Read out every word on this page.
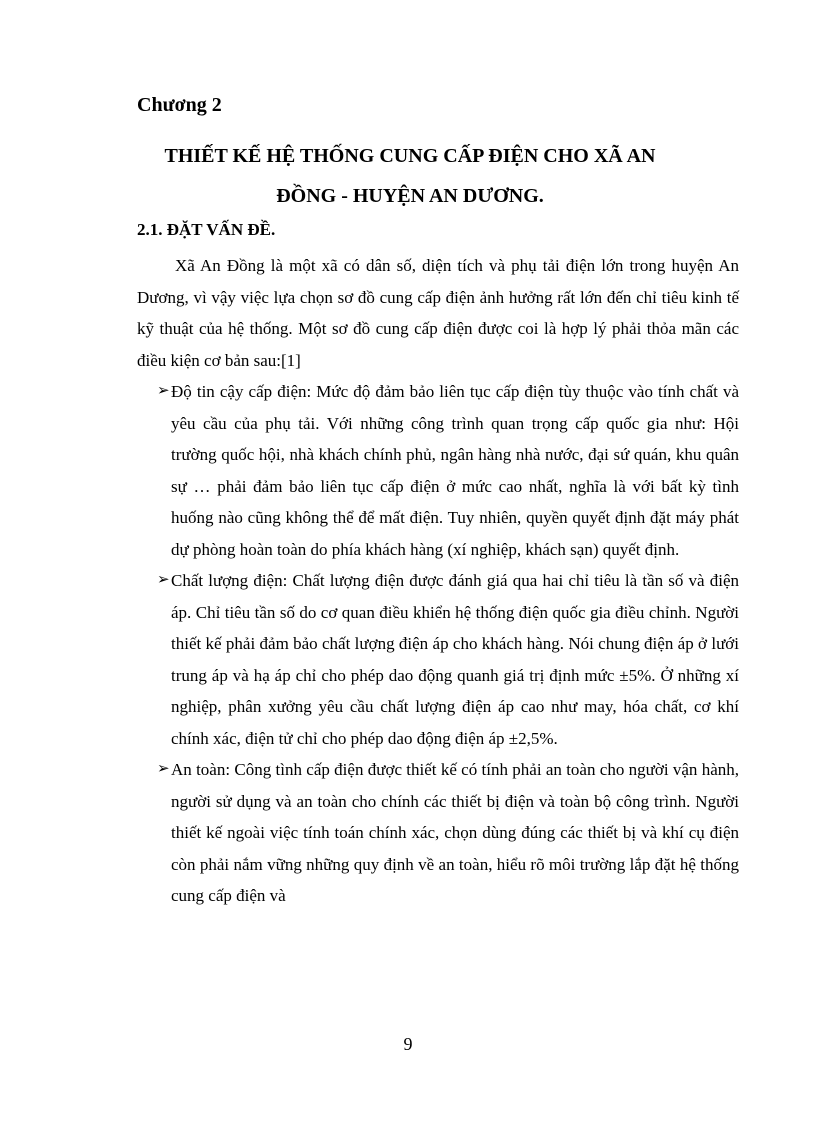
Chương 2

THIẾT KẾ HỆ THỐNG CUNG CẤP ĐIỆN CHO XÃ AN
ĐỒNG - HUYỆN AN DƯƠNG.
2.1. ĐẶT VẤN ĐỀ.

Xã An Đồng là một xã có dân số, diện tích và phụ tải điện lớn trong huyện An Dương, vì vậy việc lựa chọn sơ đồ cung cấp điện ảnh hưởng rất lớn đến chỉ tiêu kinh tế kỹ thuật của hệ thống. Một sơ đồ cung cấp điện được coi là hợp lý phải thỏa mãn các điều kiện cơ bản sau:[1]

➢ Độ tin cậy cấp điện: Mức độ đảm bảo liên tục cấp điện tùy thuộc vào tính chất và yêu cầu của phụ tải. Với những công trình quan trọng cấp quốc gia như: Hội trường quốc hội, nhà khách chính phủ, ngân hàng nhà nước, đại sứ quán, khu quân sự … phải đảm bảo liên tục cấp điện ở mức cao nhất, nghĩa là với bất kỳ tình huống nào cũng không thể để mất điện. Tuy nhiên, quyền quyết định đặt máy phát dự phòng hoàn toàn do phía khách hàng (xí nghiệp, khách sạn) quyết định.
➢ Chất lượng điện: Chất lượng điện được đánh giá qua hai chỉ tiêu là tần số và điện áp. Chỉ tiêu tần số do cơ quan điều khiển hệ thống điện quốc gia điều chỉnh. Người thiết kế phải đảm bảo chất lượng điện áp cho khách hàng. Nói chung điện áp ở lưới trung áp và hạ áp chỉ cho phép dao động quanh giá trị định mức ±5%. Ở những xí nghiệp, phân xưởng yêu cầu chất lượng điện áp cao như may, hóa chất, cơ khí chính xác, điện tử chỉ cho phép dao động điện áp ±2,5%.
➢ An toàn: Công tình cấp điện được thiết kế có tính phải an toàn cho người vận hành, người sử dụng và an toàn cho chính các thiết bị điện và toàn bộ công trình. Người thiết kế ngoài việc tính toán chính xác, chọn dùng đúng các thiết bị và khí cụ điện còn phải nắm vững những quy định về an toàn, hiểu rõ môi trường lắp đặt hệ thống cung cấp điện và

9
